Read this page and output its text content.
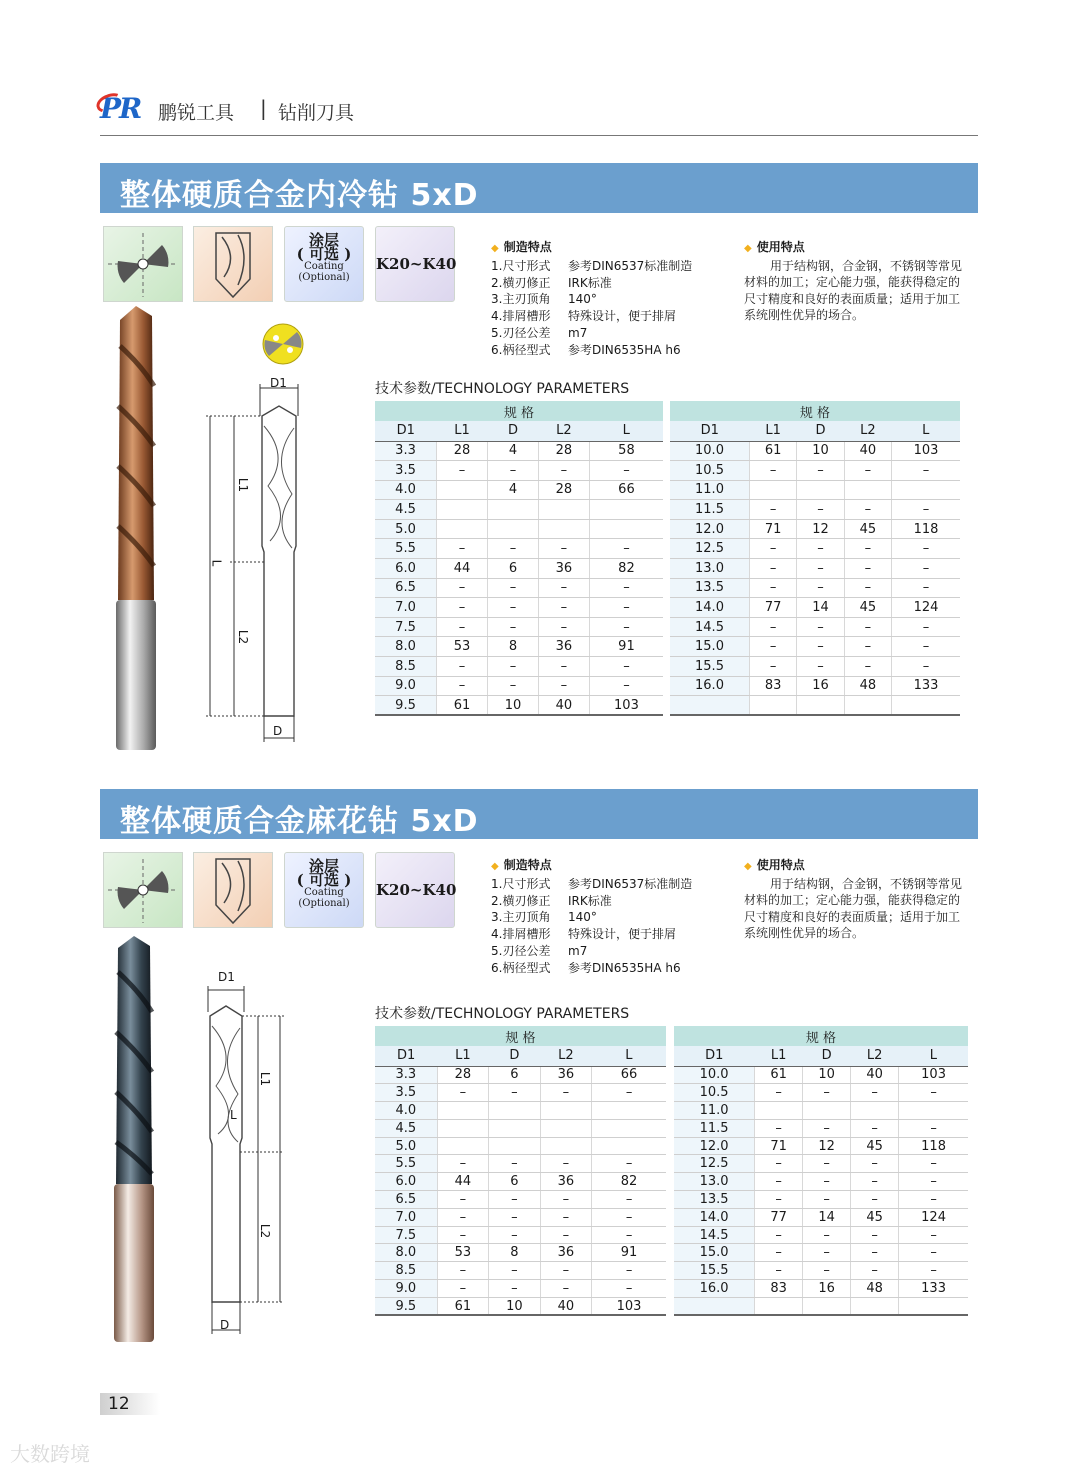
PR 鹏锐工具 | 钻削刀具
整体硬质合金内冷钻 5xD
涂层
( 可选 )
Coating
(Optional)
K20~K40
◆ 制造特点
1.尺寸形式	参考DIN6537标准制造
2.横刃修正	IRK标准
3.主刃顶角	140°
4.排屑槽形	特殊设计，便于排屑
5.刃径公差	m7
6.柄径型式	参考DIN6535HA h6
◆ 使用特点
用于结构钢，合金钢，不锈钢等常见材料的加工；定心能力强，能获得稳定的尺寸精度和良好的表面质量；适用于加工系统刚性优异的场合。
D1
L1
L
L2
D
技术参数/TECHNOLOGY PARAMETERS
规 格				
D1	L1	D	L2	L
3.3	28	4	28	58
3.5	–	–	–	–
4.0		4	28	66
4.5				
5.0				
5.5	–	–	–	–
6.0	44	6	36	82
6.5	–	–	–	–
7.0	–	–	–	–
7.5	–	–	–	–
8.0	53	8	36	91
8.5	–	–	–	–
9.0	–	–	–	–
9.5	61	10	40	103
规 格				
D1	L1	D	L2	L
10.0	61	10	40	103
10.5	–	–	–	–
11.0				
11.5	–	–	–	–
12.0	71	12	45	118
12.5	–	–	–	–
13.0	–	–	–	–
13.5	–	–	–	–
14.0	77	14	45	124
14.5	–	–	–	–
15.0	–	–	–	–
15.5	–	–	–	–
16.0	83	16	48	133

整体硬质合金麻花钻 5xD
涂层
( 可选 )
Coating
(Optional)
K20~K40
◆ 制造特点
1.尺寸形式	参考DIN6537标准制造
2.横刃修正	IRK标准
3.主刃顶角	140°
4.排屑槽形	特殊设计，便于排屑
5.刃径公差	m7
6.柄径型式	参考DIN6535HA h6
◆ 使用特点
用于结构钢，合金钢，不锈钢等常见材料的加工；定心能力强，能获得稳定的尺寸精度和良好的表面质量；适用于加工系统刚性优异的场合。
D1
L1
L
L2
D
技术参数/TECHNOLOGY PARAMETERS
规 格				
D1	L1	D	L2	L
3.3	28	6	36	66
3.5	–	–	–	–
4.0				
4.5				
5.0				
5.5	–	–	–	–
6.0	44	6	36	82
6.5	–	–	–	–
7.0	–	–	–	–
7.5	–	–	–	–
8.0	53	8	36	91
8.5	–	–	–	–
9.0	–	–	–	–
9.5	61	10	40	103
规 格				
D1	L1	D	L2	L
10.0	61	10	40	103
10.5	–	–	–	–
11.0				
11.5	–	–	–	–
12.0	71	12	45	118
12.5	–	–	–	–
13.0	–	–	–	–
13.5	–	–	–	–
14.0	77	14	45	124
14.5	–	–	–	–
15.0	–	–	–	–
15.5	–	–	–	–
16.0	83	16	48	133

12
大数跨境
